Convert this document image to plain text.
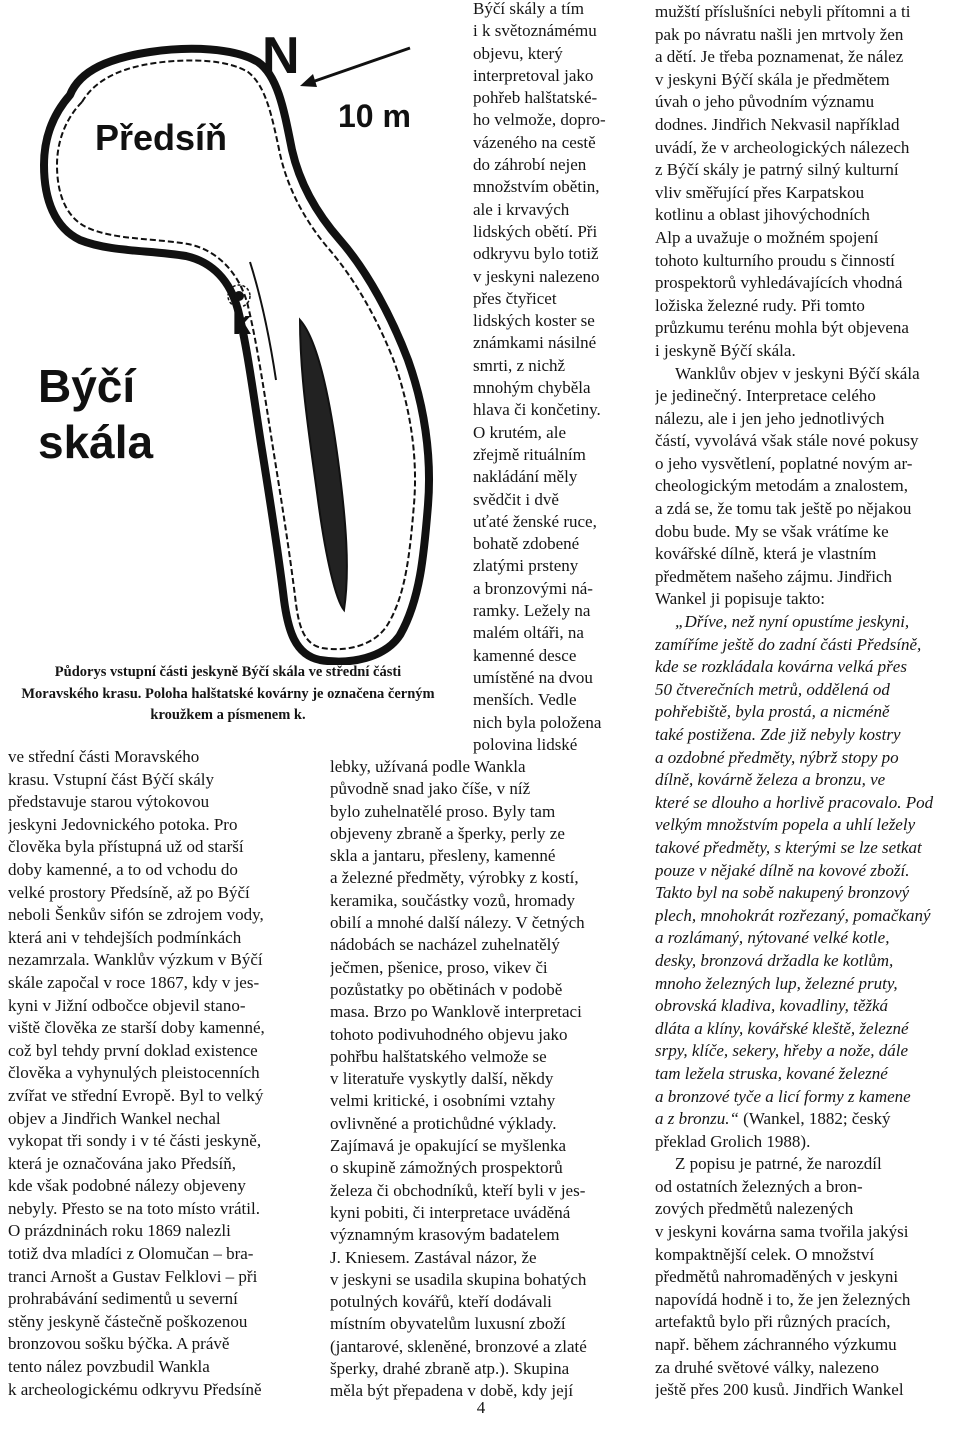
N
10 m
Předsíň
Býčí
skála
k
Půdorys vstupní části jeskyně Býčí skála ve střední části
Moravského krasu. Poloha halštatské kovárny je označena černým
kroužkem a písmenem k.
ve střední části Moravského
krasu. Vstupní část Býčí skály
představuje starou výtokovou
jeskyni Jedovnického potoka. Pro
člověka byla přístupná už od starší
doby kamenné, a to od vchodu do
velké prostory Předsíně, až po Býčí
neboli Šenkův sifón se zdrojem vody,
která ani v tehdejších podmínkách
nezamrzala. Wanklův výzkum v Býčí
skále započal v roce 1867, kdy v jes-
kyni v Jižní odbočce objevil stano-
viště člověka ze starší doby kamenné,
což byl tehdy první doklad existence
člověka a vyhynulých pleistocenních
zvířat ve střední Evropě. Byl to velký
objev a Jindřich Wankel nechal
vykopat tři sondy i v té části jeskyně,
která je označována jako Předsíň,
kde však podobné nálezy objeveny
nebyly. Přesto se na toto místo vrátil.
O prázdninách roku 1869 nalezli
totiž dva mladíci z Olomučan – bra-
tranci Arnošt a Gustav Felklovi – při
prohrabávání sedimentů u severní
stěny jeskyně částečně poškozenou
bronzovou sošku býčka. A právě
tento nález povzbudil Wankla
k archeologickému odkryvu Předsíně
Býčí skály a tím
i k světoznámému
objevu, který
interpretoval jako
pohřeb halštatské-
ho velmože, dopro-
vázeného na cestě
do záhrobí nejen
množstvím obětin,
ale i krvavých
lidských obětí. Při
odkryvu bylo totiž
v jeskyni nalezeno
přes čtyřicet
lidských koster se
známkami násilné
smrti, z nichž
mnohým chyběla
hlava či končetiny.
O krutém, ale
zřejmě rituálním
nakládání měly
svědčit i dvě
uťaté ženské ruce,
bohatě zdobené
zlatými prsteny
a bronzovými ná-
ramky. Ležely na
malém oltáři, na
kamenné desce
umístěné na dvou
menších. Vedle
nich byla položena
polovina lidské
lebky, užívaná podle Wankla
původně snad jako číše, v níž
bylo zuhelnatělé proso. Byly tam
objeveny zbraně a šperky, perly ze
skla a jantaru, přesleny, kamenné
a železné předměty, výrobky z kostí,
keramika, součástky vozů, hromady
obilí a mnohé další nálezy. V četných
nádobách se nacházel zuhelnatělý
ječmen, pšenice, proso, vikev či
pozůstatky po obětinách v podobě
masa. Brzo po Wanklově interpretaci
tohoto podivuhodného objevu jako
pohřbu halštatského velmože se
v literatuře vyskytly další, někdy
velmi kritické, i osobními vztahy
ovlivněné a protichůdné výklady.
Zajímavá je opakující se myšlenka
o skupině zámožných prospektorů
železa či obchodníků, kteří byli v jes-
kyni pobiti, či interpretace uváděná
významným krasovým badatelem
J. Kniesem. Zastával názor, že
v jeskyni se usadila skupina bohatých
potulných kovářů, kteří dodávali
místním obyvatelům luxusní zboží
(jantarové, skleněné, bronzové a zlaté
šperky, drahé zbraně atp.). Skupina
měla být přepadena v době, kdy její
mužští příslušníci nebyli přítomni a ti
pak po návratu našli jen mrtvoly žen
a dětí. Je třeba poznamenat, že nález
v jeskyni Býčí skála je předmětem
úvah o jeho původním významu
dodnes. Jindřich Nekvasil například
uvádí, že v archeologických nálezech
z Býčí skály je patrný silný kulturní
vliv směřující přes Karpatskou
kotlinu a oblast jihovýchodních
Alp a uvažuje o možném spojení
tohoto kulturního proudu s činností
prospektorů vyhledávajících vhodná
ložiska železné rudy. Při tomto
průzkumu terénu mohla být objevena
i jeskyně Býčí skála.
Wanklův objev v jeskyni Býčí skála
je jedinečný. Interpretace celého
nálezu, ale i jen jeho jednotlivých
částí, vyvolává však stále nové pokusy
o jeho vysvětlení, poplatné novým ar-
cheologickým metodám a znalostem,
a zdá se, že tomu tak ještě po nějakou
dobu bude. My se však vrátíme ke
kovářské dílně, která je vlastním
předmětem našeho zájmu. Jindřich
Wankel ji popisuje takto:
„Dříve, než nyní opustíme jeskyni,
zamíříme ještě do zadní části Předsíně,
kde se rozkládala kovárna velká přes
50 čtverečních metrů, oddělená od
pohřebiště, byla prostá, a nicméně
také postižena. Zde již nebyly kostry
a ozdobné předměty, nýbrž stopy po
dílně, kovárně železa a bronzu, ve
které se dlouho a horlivě pracovalo. Pod
velkým množstvím popela a uhlí ležely
takové předměty, s kterými se lze setkat
pouze v nějaké dílně na kovové zboží.
Takto byl na sobě nakupený bronzový
plech, mnohokrát rozřezaný, pomačkaný
a rozlámaný, nýtované velké kotle,
desky, bronzová držadla ke kotlům,
mnoho železných lup, železné pruty,
obrovská kladiva, kovadliny, těžká
dláta a klíny, kovářské kleště, železné
srpy, klíče, sekery, hřeby a nože, dále
tam ležela struska, kované železné
a bronzové tyče a licí formy z kamene
a z bronzu.“ (Wankel, 1882; český
překlad Grolich 1988).
Z popisu je patrné, že narozdíl
od ostatních železných a bron-
zových předmětů nalezených
v jeskyni kovárna sama tvořila jakýsi
kompaktnější celek. O množství
předmětů nahromaděných v jeskyni
napovídá hodně i to, že jen železných
artefaktů bylo při různých pracích,
např. během záchranného výzkumu
za druhé světové války, nalezeno
ještě přes 200 kusů. Jindřich Wankel
4
